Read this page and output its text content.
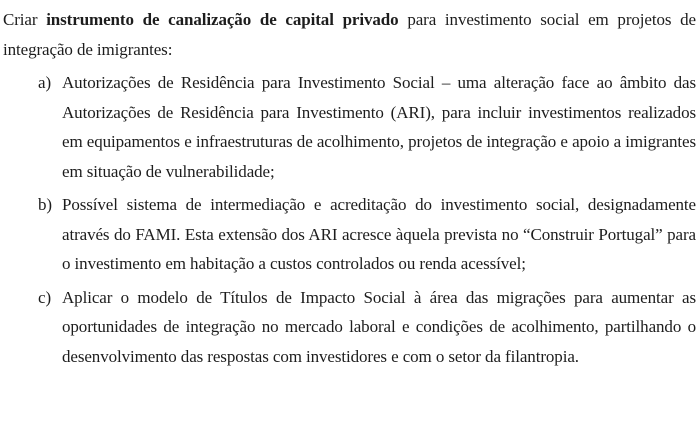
Criar instrumento de canalização de capital privado para investimento social em projetos de integração de imigrantes:

a) Autorizações de Residência para Investimento Social – uma alteração face ao âmbito das Autorizações de Residência para Investimento (ARI), para incluir investimentos realizados em equipamentos e infraestruturas de acolhimento, projetos de integração e apoio a imigrantes em situação de vulnerabilidade;

b) Possível sistema de intermediação e acreditação do investimento social, designadamente através do FAMI. Esta extensão dos ARI acresce àquela prevista no “Construir Portugal” para o investimento em habitação a custos controlados ou renda acessível;

c) Aplicar o modelo de Títulos de Impacto Social à área das migrações para aumentar as oportunidades de integração no mercado laboral e condições de acolhimento, partilhando o desenvolvimento das respostas com investidores e com o setor da filantropia.
